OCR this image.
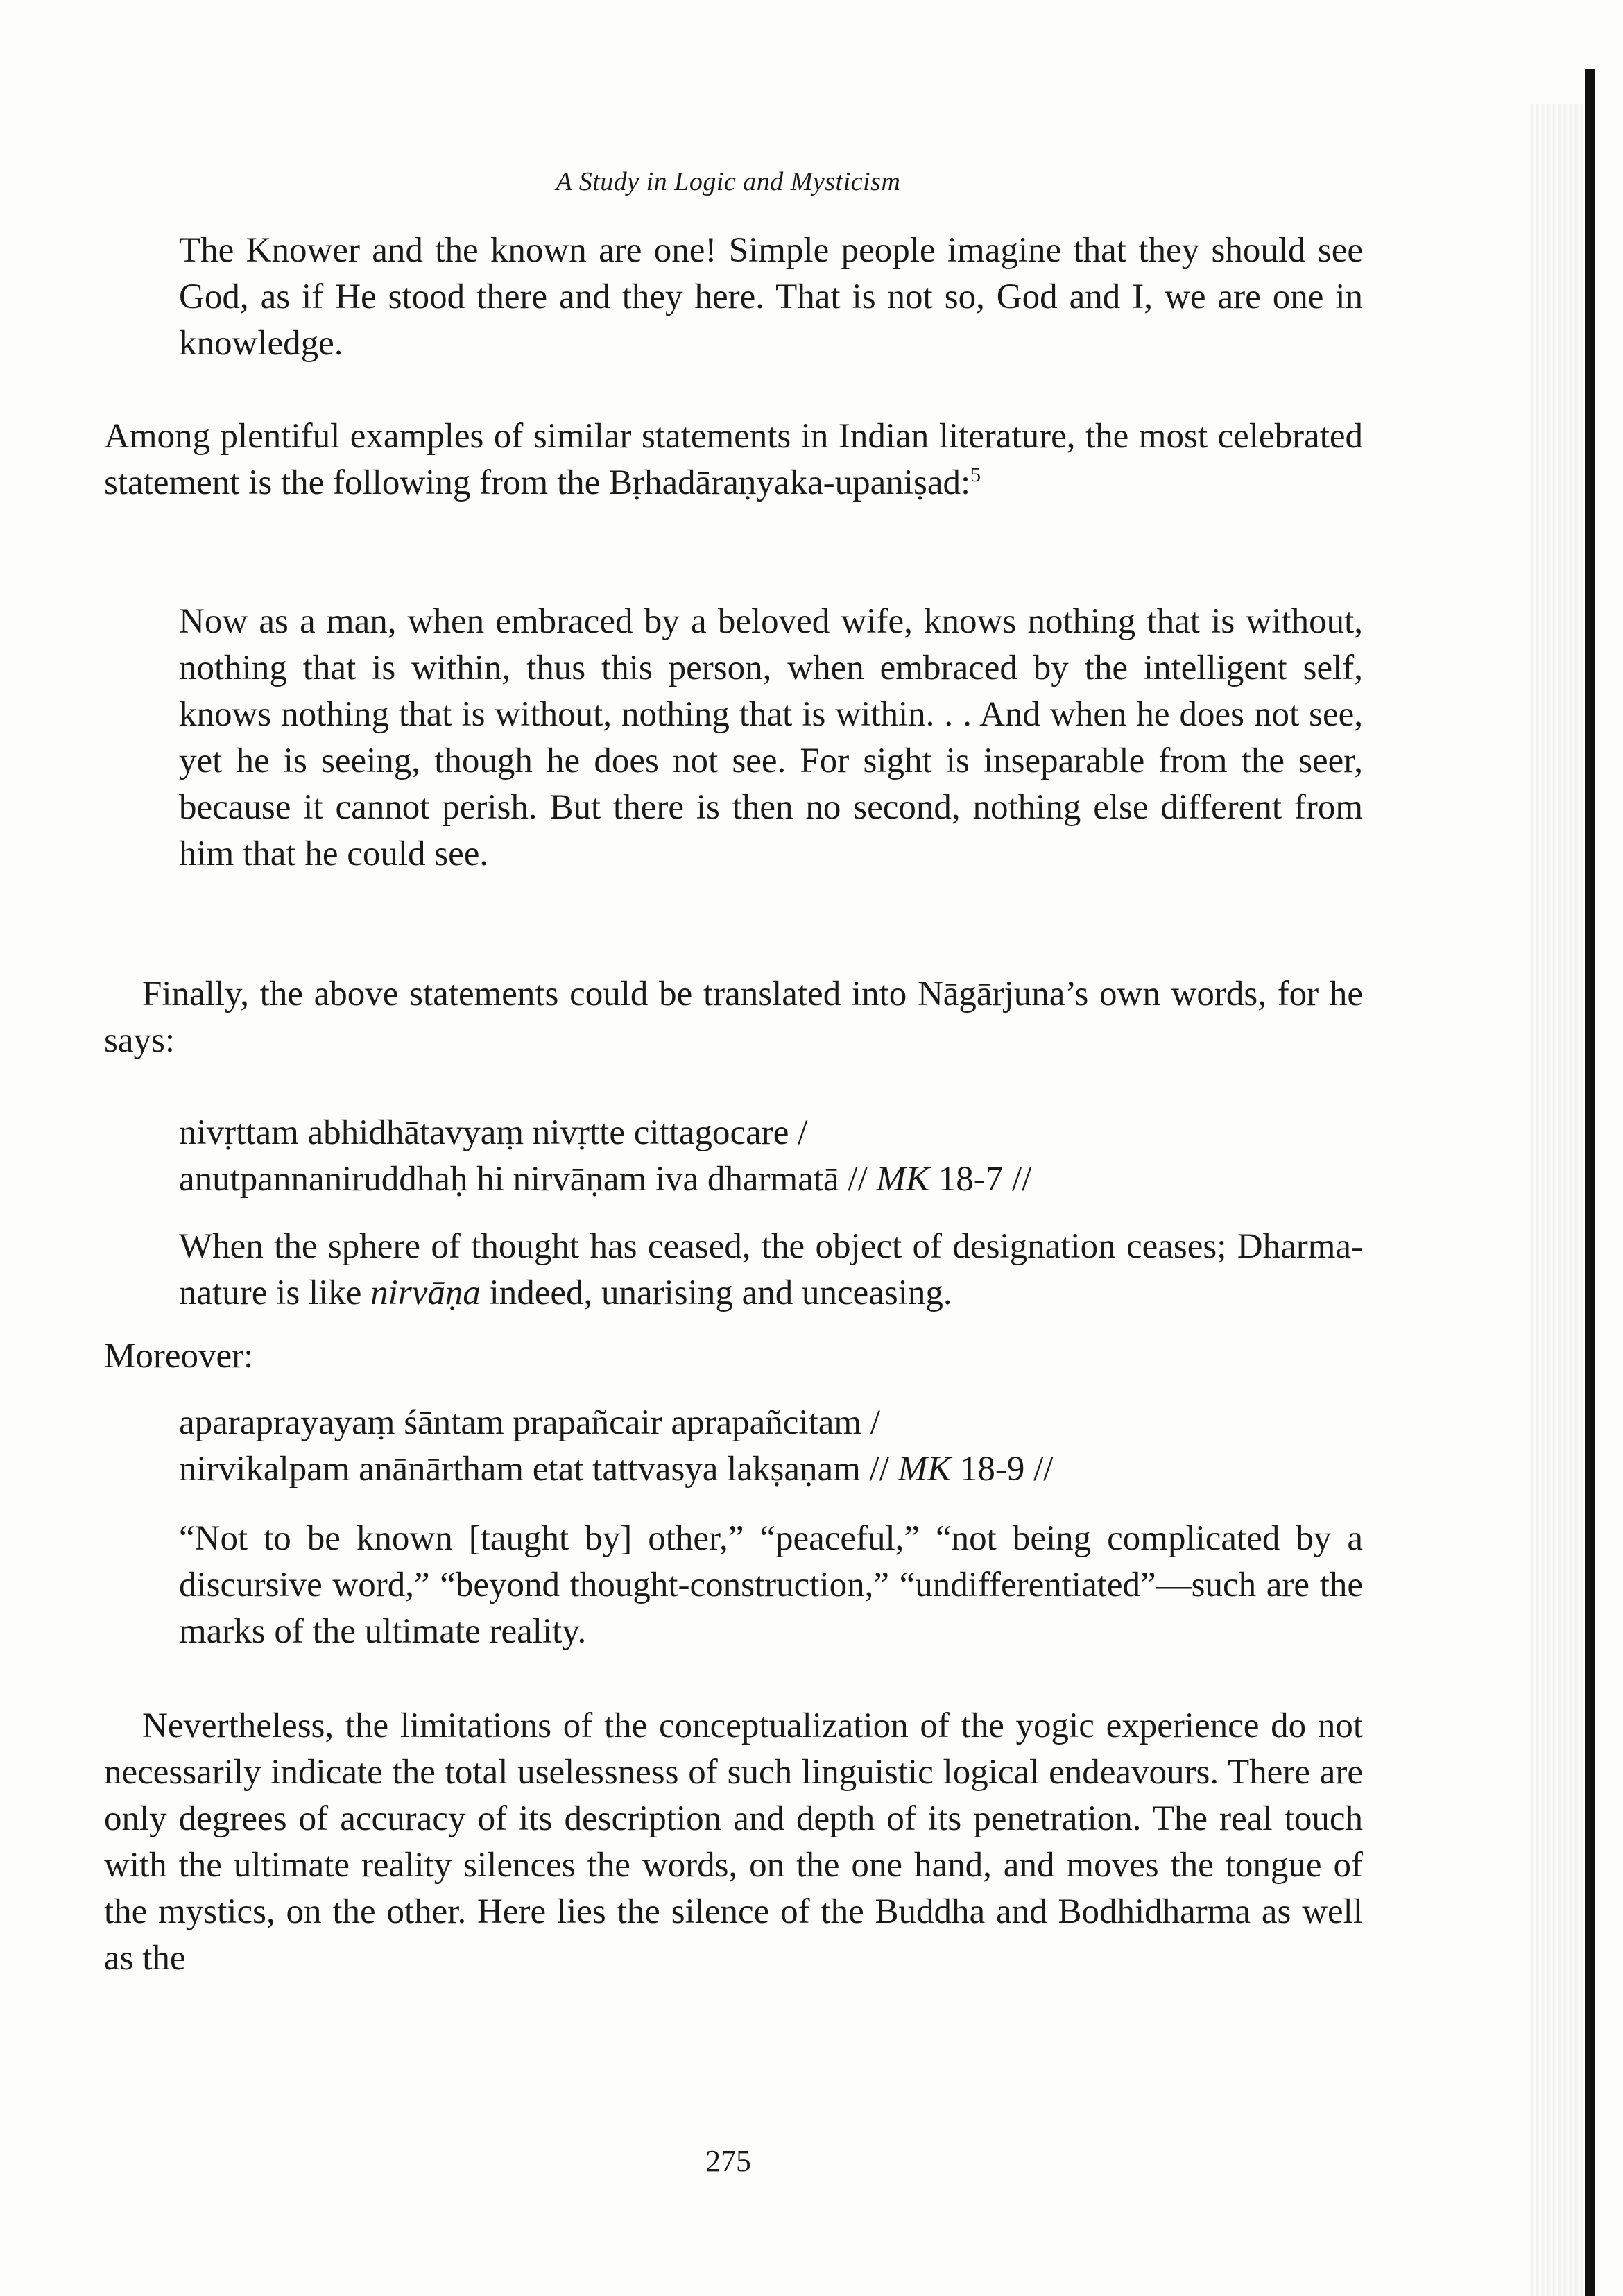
A Study in Logic and Mysticism
The Knower and the known are one! Simple people imagine that they should see God, as if He stood there and they here. That is not so, God and I, we are one in knowledge.
Among plentiful examples of similar statements in Indian literature, the most celebrated statement is the following from the Bṛhadāraṇyaka-upaniṣad:$^5$
Now as a man, when embraced by a beloved wife, knows nothing that is without, nothing that is within, thus this person, when embraced by the intelligent self, knows nothing that is without, nothing that is within. . . And when he does not see, yet he is seeing, though he does not see. For sight is inseparable from the seer, because it cannot perish. But there is then no second, nothing else different from him that he could see.
Finally, the above statements could be translated into Nāgārjuna’s own words, for he says:
nivṛttam abhidhātavyaṃ nivṛtte cittagocare /
anutpannaniruddhaḥ hi nirvāṇam iva dharmatā // MK 18-7 //
When the sphere of thought has ceased, the object of designation ceases; Dharma-nature is like nirvāṇa indeed, unarising and unceasing.
Moreover:
aparaprayayaṃ śāntam prapañcair aprapañcitam /
nirvikalpam anānārtham etat tattvasya lakṣaṇam // MK 18-9 //
“Not to be known [taught by] other,” “peaceful,” “not being complicated by a discursive word,” “beyond thought-construction,” “undifferentiated”—such are the marks of the ultimate reality.
Nevertheless, the limitations of the conceptualization of the yogic experience do not necessarily indicate the total uselessness of such linguistic logical endeavours. There are only degrees of accuracy of its description and depth of its penetration. The real touch with the ultimate reality silences the words, on the one hand, and moves the tongue of the mystics, on the other. Here lies the silence of the Buddha and Bodhidharma as well as the
275
